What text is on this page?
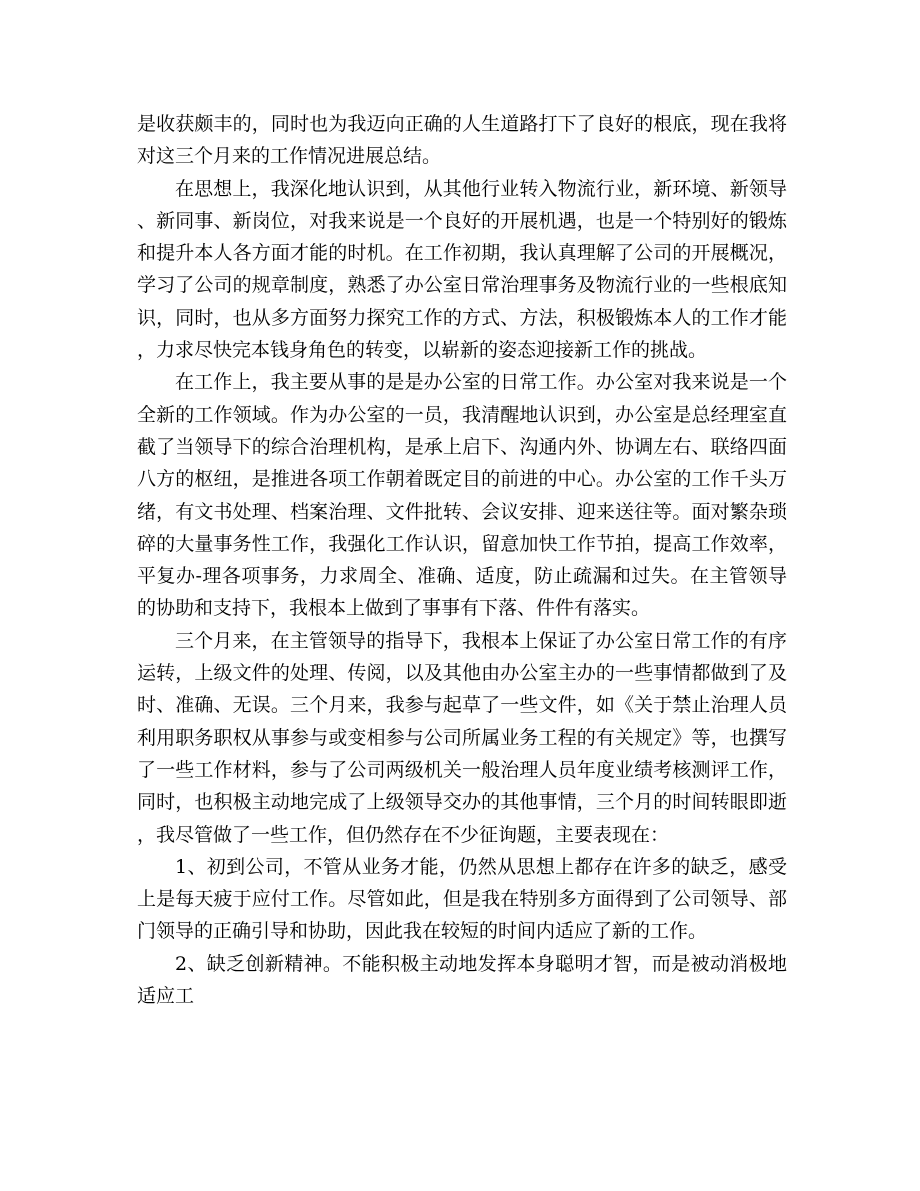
是收获颇丰的，同时也为我迈向正确的人生道路打下了良好的根底，现在我将对这三个月来的工作情况进展总结。

在思想上，我深化地认识到，从其他行业转入物流行业，新环境、新领导、新同事、新岗位，对我来说是一个良好的开展机遇，也是一个特别好的锻炼和提升本人各方面才能的时机。在工作初期，我认真理解了公司的开展概况，学习了公司的规章制度，熟悉了办公室日常治理事务及物流行业的一些根底知识，同时，也从多方面努力探究工作的方式、方法，积极锻炼本人的工作才能，力求尽快完本钱身角色的转变，以崭新的姿态迎接新工作的挑战。

在工作上，我主要从事的是是办公室的日常工作。办公室对我来说是一个全新的工作领域。作为办公室的一员，我清醒地认识到，办公室是总经理室直截了当领导下的综合治理机构，是承上启下、沟通内外、协调左右、联络四面八方的枢纽，是推进各项工作朝着既定目的前进的中心。办公室的工作千头万绪，有文书处理、档案治理、文件批转、会议安排、迎来送往等。面对繁杂琐碎的大量事务性工作，我强化工作认识，留意加快工作节拍，提高工作效率，平复办-理各项事务，力求周全、准确、适度，防止疏漏和过失。在主管领导的协助和支持下，我根本上做到了事事有下落、件件有落实。

三个月来，在主管领导的指导下，我根本上保证了办公室日常工作的有序运转，上级文件的处理、传阅，以及其他由办公室主办的一些事情都做到了及时、准确、无误。三个月来，我参与起草了一些文件，如《关于禁止治理人员利用职务职权从事参与或变相参与公司所属业务工程的有关规定》等，也撰写了一些工作材料，参与了公司两级机关一般治理人员年度业绩考核测评工作，同时，也积极主动地完成了上级领导交办的其他事情，三个月的时间转眼即逝，我尽管做了一些工作，但仍然存在不少征询题，主要表现在：

1、初到公司，不管从业务才能，仍然从思想上都存在许多的缺乏，感受上是每天疲于应付工作。尽管如此，但是我在特别多方面得到了公司领导、部门领导的正确引导和协助，因此我在较短的时间内适应了新的工作。

2、缺乏创新精神。不能积极主动地发挥本身聪明才智，而是被动消极地适应工
